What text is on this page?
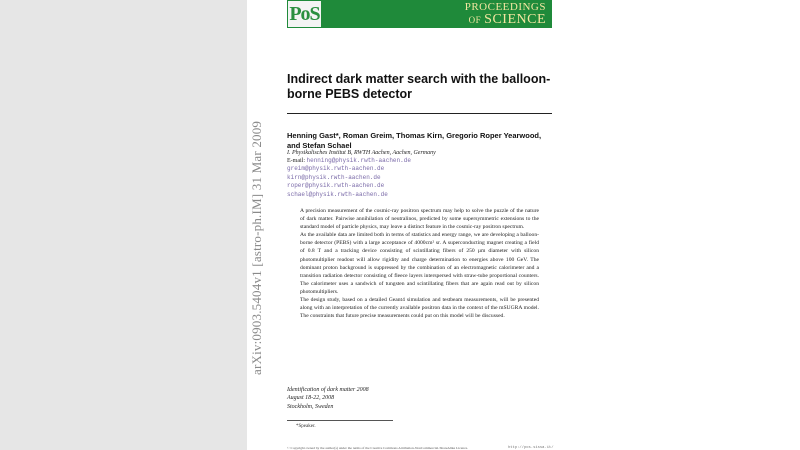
arXiv:0903.5404v1 [astro-ph.IM] 31 Mar 2009
PoS	PROCEEDINGS
OF SCIENCE
Indirect dark matter search with the balloon-borne PEBS detector
Henning Gast*, Roman Greim, Thomas Kirn, Gregorio Roper Yearwood, and Stefan Schael
I. Physikalisches Institut B, RWTH Aachen, Aachen, Germany
E-mail: henning@physik.rwth-aachen.de
greim@physik.rwth-aachen.de
kirn@physik.rwth-aachen.de
roper@physik.rwth-aachen.de
schael@physik.rwth-aachen.de

A precision measurement of the cosmic-ray positron spectrum may help to solve the puzzle of the nature of dark matter. Pairwise annihilation of neutralinos, predicted by some supersymmetric extensions to the standard model of particle physics, may leave a distinct feature in the cosmic-ray positron spectrum.

As the available data are limited both in terms of statistics and energy range, we are developing a balloon-borne detector (PEBS) with a large acceptance of 4000cm² sr. A superconducting magnet creating a field of 0.8 T and a tracking device consisting of scintillating fibers of 250 µm diameter with silicon photomultiplier readout will allow rigidity and charge determination to energies above 100 GeV. The dominant proton background is suppressed by the combination of an electromagnetic calorimeter and a transition radiation detector consisting of fleece layers interspersed with straw-tube proportional counters. The calorimeter uses a sandwich of tungsten and scintillating fibers that are again read out by silicon photomultipliers.

The design study, based on a detailed Geant4 simulation and testbeam measurements, will be presented along with an interpretation of the currently available positron data in the context of the mSUGRA model. The constraints that future precise measurements could put on this model will be discussed.

Identification of dark matter 2008
August 18-22, 2008
Stockholm, Sweden
*Speaker.
© Copyright owned by the author(s) under the terms of the Creative Commons Attribution-NonCommercial-ShareAlike Licence.	http://pos.sissa.it/
